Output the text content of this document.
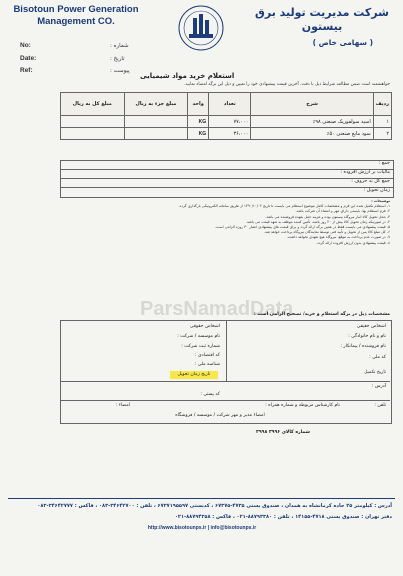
Bisotoun Power Generation
Management CO.
شرکت مدیریت تولید برق بیستون
( سهامی خاص )
No:	: شماره
Date:	: تاریخ
Ref:	: پیوست
استعلام خرید مواد شیمیایی
خواهشمند است ضمن مطالعه شرایط ذیل با دقت، آخرین قیمت پیشنهادی خود را تعیین و ذیل این برگه امضاء نمایید.
ردیف	شرح	تعداد	واحد	مبلغ جزء به ریال	مبلغ کل به ریال
۱	اسید سولفوریک صنعتی ۹۸٪	۷۷،۰۰۰	KG		
۲	سود مایع صنعتی ۵۰٪	۳۶،۰۰۰	KG		
جمع :
مالیات بر ارزش افزوده :
جمع کل به حروف :
زمان تحویل :
توضیحات :
۱- استعلام تکمیل شده این فرم و مشخصات کامل موضوع استعلام می بایست تا تاریخ ۱۳۹۰/۱۰/۰۲ از طریق سامانه الکترونیکی بارگذاری گردد.
۲- فرم استعلام بها، بایستی دارای مهر و امضاء آن شرکت باشد.
۳- محل تحویل کالا انبار نیروگاه بیستون بوده و هزینه حمل بعهده فروشنده می باشد.
۴- در صورتیکه زمان تحویل کالا بیش از ۲۰ روز باشد، تأمین کننده موظف به تعهد قیمت می باشد.
۵- قیمت پیشنهادی می بایست فقط در همین برگه ارائه گردد و برای قیمت های پیشنهادی اعتبار ۳۰ روزه الزامی است.
۶- کل مبلغ کالا پس از تحویل و تأیید فنی توسط نمایندگان نیروگاه پرداخت خواهد شد.
۷- در صورت عدم پرداخت به موقع، نیروگاه هیچ تعهدی نخواهد داشت.
۸- قیمت پیشنهادی بدون ارزش افزوده ارائه گردد.
ParsNamadData
مشخصات ذیل در برگه استعلام و خرید/ تصحیح الزامی است :
اشخاص حقیقی
نام و نام خانوادگی :
نام فروشنده / پیمانکار :
کد ملی :
تاریخ تکمیل
اشخاص حقوقی
نام موسسه / شرکت :
شماره ثبت شرکت :
کد اقتصادی :
شناسه ملی :
تاریخ زمان تحویل
آدرس :
کد پستی :
تلفن :
نام کارشناس مربوطه و شماره همراه :
امضاء :
امضاء مدیر و مهر شرکت / موسسه / فروشگاه
شماره کالای ۳۹۹۶ ۳۹۹۸
آدرس : کیلومتر ۲۵ جاده کرمانشاه به همدان ، صندوق پستی ۴۷۳۵-۶۷۳۷۵ ، کدپستی ۶۷۳۷۱۹۵۵۹۷ ، تلفن : ۳۴۶۴۲۷۰۰-۰۸۳ ، فاکس : ۳۴۶۴۲۷۷۷-۰۸۳
دفتر تهران : صندوق پستی ۴۷۱۸-۱۴۱۵۵ ، تلفن : ۸۸۷۹۳۳۸۰-۰۲۱ ، فاکس : ۸۸۷۹۴۳۵۸-۰۲۱
http://www.bisotounps.ir | info@bisotounps.ir
